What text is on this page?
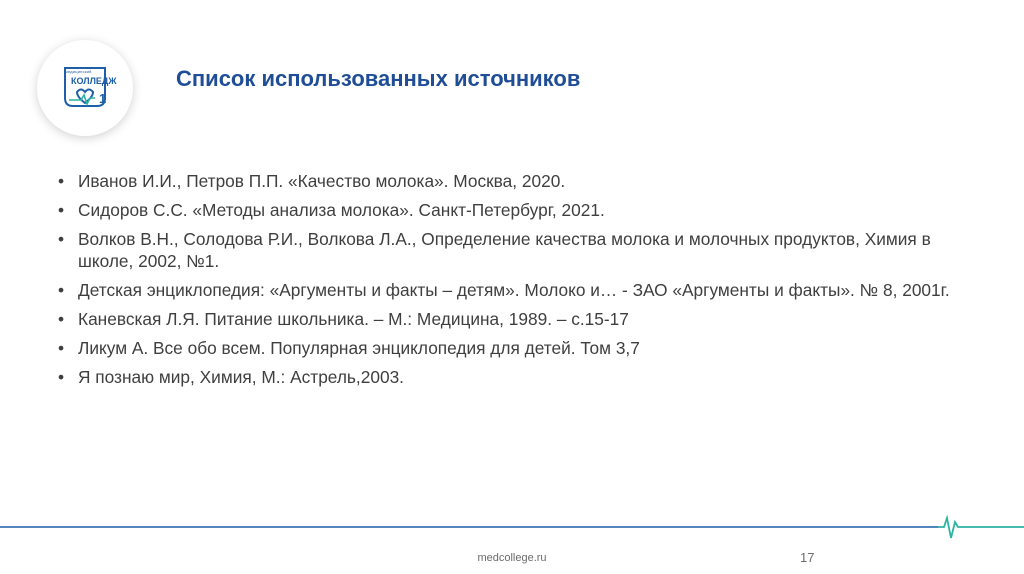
1
медицинский
КОЛЛЕДЖ	Список использованных источников
• Иванов И.И., Петров П.П. «Качество молока». Москва, 2020.
• Сидоров С.С. «Методы анализа молока». Санкт-Петербург, 2021.
• Волков В.Н., Солодова Р.И., Волкова Л.А., Определение качества молока и молочных продуктов, Химия в школе, 2002, №1.
• Детская энциклопедия: «Аргументы и факты – детям». Молоко и… - ЗАО «Аргументы и факты». № 8, 2001г.
• Каневская Л.Я. Питание школьника. – М.: Медицина, 1989. – с.15-17
• Ликум А. Все обо всем. Популярная энциклопедия для детей. Том 3,7
• Я познаю мир, Химия, М.: Астрель,2003.
medcollege.ru	17
